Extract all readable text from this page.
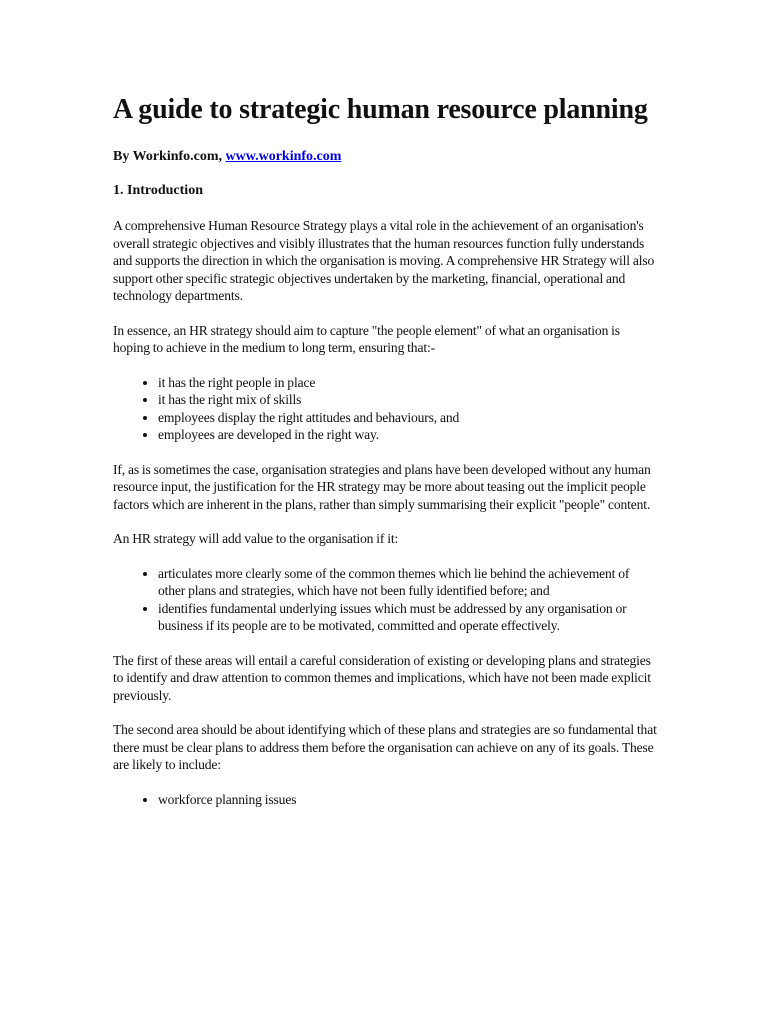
A guide to strategic human resource planning
By Workinfo.com, www.workinfo.com
1. Introduction

A comprehensive Human Resource Strategy plays a vital role in the achievement of an organisation's overall strategic objectives and visibly illustrates that the human resources function fully understands and supports the direction in which the organisation is moving. A comprehensive HR Strategy will also support other specific strategic objectives undertaken by the marketing, financial, operational and technology departments.

In essence, an HR strategy should aim to capture "the people element" of what an organisation is hoping to achieve in the medium to long term, ensuring that:-

• it has the right people in place
• it has the right mix of skills
• employees display the right attitudes and behaviours, and
• employees are developed in the right way.

If, as is sometimes the case, organisation strategies and plans have been developed without any human resource input, the justification for the HR strategy may be more about teasing out the implicit people factors which are inherent in the plans, rather than simply summarising their explicit "people" content.

An HR strategy will add value to the organisation if it:

• articulates more clearly some of the common themes which lie behind the achievement of other plans and strategies, which have not been fully identified before; and
• identifies fundamental underlying issues which must be addressed by any organisation or business if its people are to be motivated, committed and operate effectively.

The first of these areas will entail a careful consideration of existing or developing plans and strategies to identify and draw attention to common themes and implications, which have not been made explicit previously.

The second area should be about identifying which of these plans and strategies are so fundamental that there must be clear plans to address them before the organisation can achieve on any of its goals. These are likely to include:

• workforce planning issues
